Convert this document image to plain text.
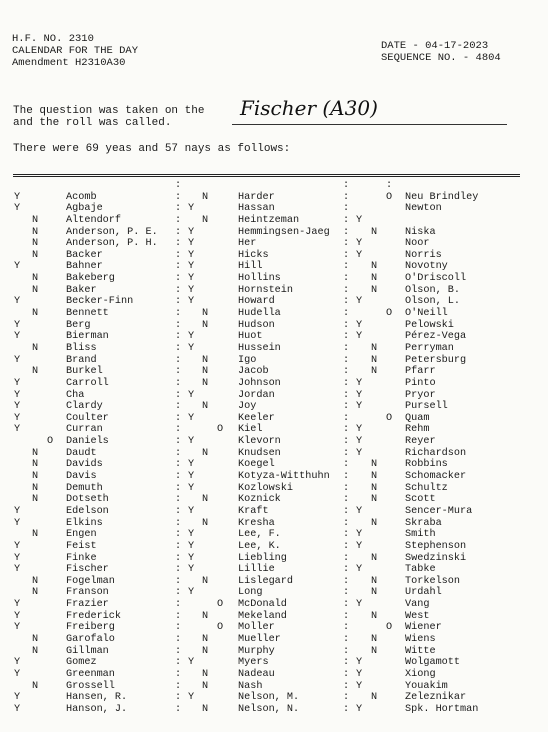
H.F. NO. 2310
CALENDAR FOR THE DAY
Amendment H2310A30
DATE - 04-17-2023
SEQUENCE NO. - 4804
The question was taken on the
and the roll was called.
Fischer (A30)
There were 69 yeas and 57 nays as follows:
:	:	:
Y	Acomb	: N	Harder	:	O Neu Brindley
Y	Agbaje	: Y	Hassan	:	Newton
N	Altendorf	: N	Heintzeman	: Y
N	Anderson, P. E. : Y	Hemmingsen-Jaeg : N	Niska
N	Anderson, P. H. : Y	Her	: Y	Noor
N	Backer	: Y	Hicks	: Y	Norris
Y	Bahner	: Y	Hill	: N	Novotny
N	Bakeberg	: Y	Hollins	: N	O'Driscoll
N	Baker	: Y	Hornstein	: N	Olson, B.
Y	Becker-Finn	: Y	Howard	: Y	Olson, L.
N	Bennett	: N	Hudella	:	O O'Neill
Y	Berg	: N	Hudson	: Y	Pelowski
Y	Bierman	: Y	Huot	: Y	Pérez-Vega
N	Bliss	: Y	Hussein	: N	Perryman
Y	Brand	: N	Igo	: N	Petersburg
N	Burkel	: N	Jacob	: N	Pfarr
Y	Carroll	: N	Johnson	: Y	Pinto
Y	Cha	: Y	Jordan	: Y	Pryor
Y	Clardy	: N	Joy	: Y	Pursell
Y	Coulter	: Y	Keeler	:	O Quam
Y	Curran	:	O Kiel	: Y	Rehm
O Daniels	: Y	Klevorn	: Y	Reyer
N	Daudt	: N	Knudsen	: Y	Richardson
N	Davids	: Y	Koegel	: N	Robbins
N	Davis	: Y	Kotyza-Witthuhn : N	Schomacker
N	Demuth	: Y	Kozlowski	: N	Schultz
N	Dotseth	: N	Koznick	: N	Scott
Y	Edelson	: Y	Kraft	: Y	Sencer-Mura
Y	Elkins	: N	Kresha	: N	Skraba
N	Engen	: Y	Lee, F.	: Y	Smith
Y	Feist	: Y	Lee, K.	: Y	Stephenson
Y	Finke	: Y	Liebling	: N	Swedzinski
Y	Fischer	: Y	Lillie	: Y	Tabke
N	Fogelman	: N	Lislegard	: N	Torkelson
N	Franson	: Y	Long	: N	Urdahl
Y	Frazier	:	O McDonald	: Y	Vang
Y	Frederick	: N	Mekeland	: N	West
Y	Freiberg	:	O Moller	:	O Wiener
N	Garofalo	: N	Mueller	: N	Wiens
N	Gillman	: N	Murphy	: N	Witte
Y	Gomez	: Y	Myers	: Y	Wolgamott
Y	Greenman	: N	Nadeau	: Y	Xiong
N	Grossell	: N	Nash	: Y	Youakim
Y	Hansen, R.	: Y	Nelson, M.	: N	Zeleznikar
Y	Hanson, J.	: N	Nelson, N.	: Y	Spk. Hortman
